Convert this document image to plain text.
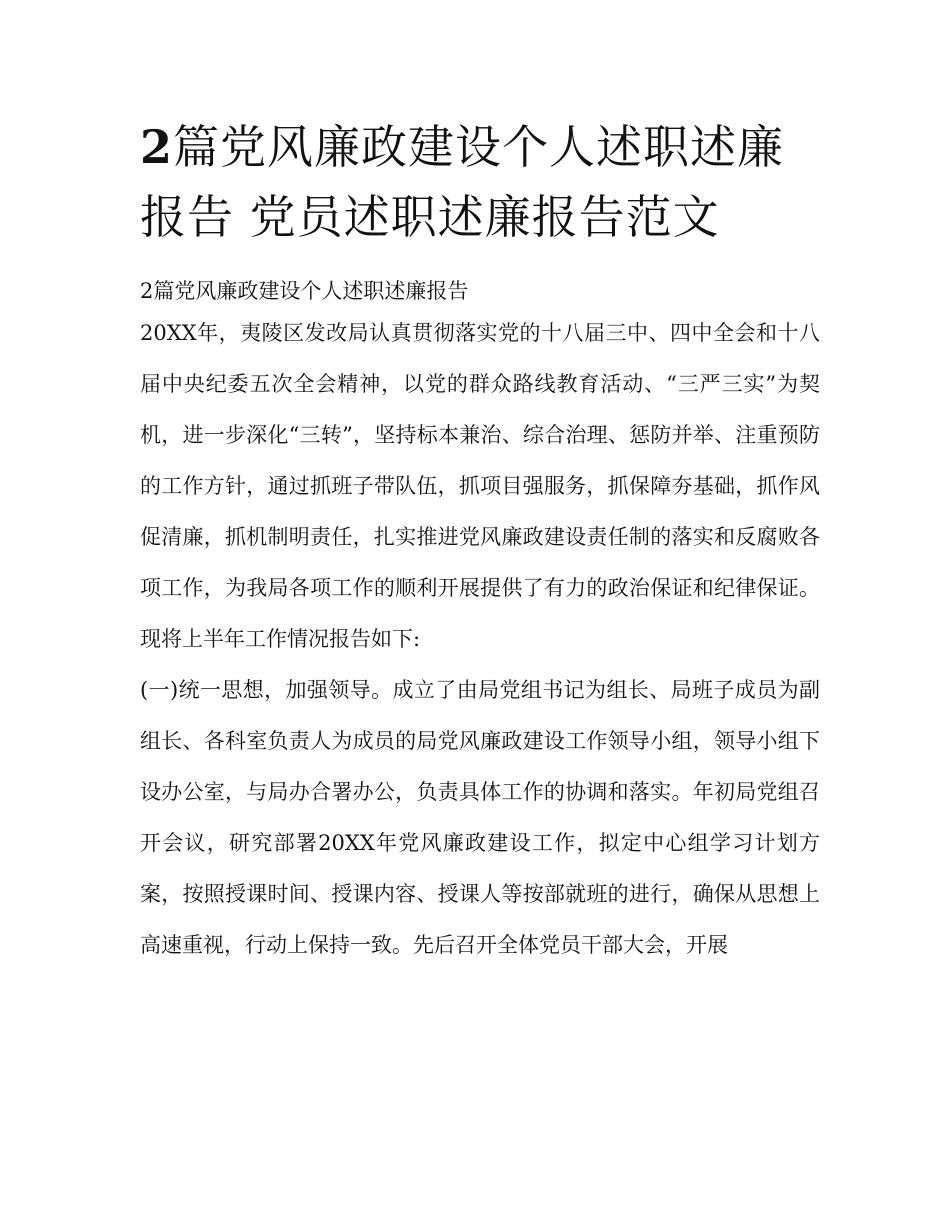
2篇党风廉政建设个人述职述廉报告 党员述职述廉报告范文

2篇党风廉政建设个人述职述廉报告

20XX年，夷陵区发改局认真贯彻落实党的十八届三中、四中全会和十八届中央纪委五次全会精神，以党的群众路线教育活动、“三严三实”为契机，进一步深化“三转”，坚持标本兼治、综合治理、惩防并举、注重预防的工作方针，通过抓班子带队伍，抓项目强服务，抓保障夯基础，抓作风促清廉，抓机制明责任，扎实推进党风廉政建设责任制的落实和反腐败各项工作，为我局各项工作的顺利开展提供了有力的政治保证和纪律保证。现将上半年工作情况报告如下:

(一)统一思想，加强领导。成立了由局党组书记为组长、局班子成员为副组长、各科室负责人为成员的局党风廉政建设工作领导小组，领导小组下设办公室，与局办合署办公，负责具体工作的协调和落实。年初局党组召开会议，研究部署20XX年党风廉政建设工作，拟定中心组学习计划方案，按照授课时间、授课内容、授课人等按部就班的进行，确保从思想上高速重视，行动上保持一致。先后召开全体党员干部大会，开展
